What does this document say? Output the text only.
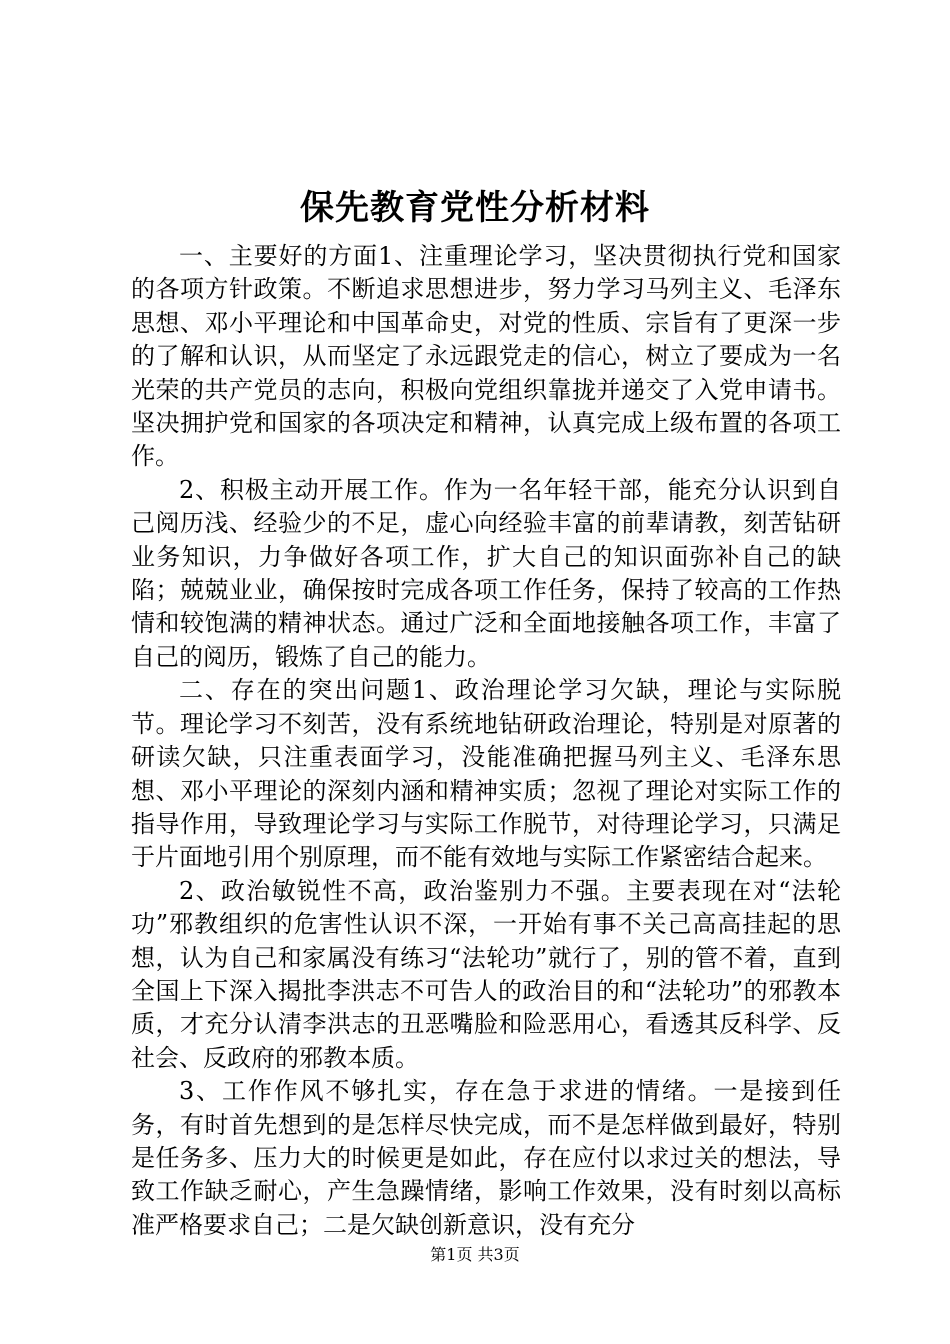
保先教育党性分析材料

一、主要好的方面1、注重理论学习，坚决贯彻执行党和国家的各项方针政策。不断追求思想进步，努力学习马列主义、毛泽东思想、邓小平理论和中国革命史，对党的性质、宗旨有了更深一步的了解和认识，从而坚定了永远跟党走的信心，树立了要成为一名光荣的共产党员的志向，积极向党组织靠拢并递交了入党申请书。坚决拥护党和国家的各项决定和精神，认真完成上级布置的各项工作。

2、积极主动开展工作。作为一名年轻干部，能充分认识到自己阅历浅、经验少的不足，虚心向经验丰富的前辈请教，刻苦钻研业务知识，力争做好各项工作，扩大自己的知识面弥补自己的缺陷；兢兢业业，确保按时完成各项工作任务，保持了较高的工作热情和较饱满的精神状态。通过广泛和全面地接触各项工作，丰富了自己的阅历，锻炼了自己的能力。

二、存在的突出问题1、政治理论学习欠缺，理论与实际脱节。理论学习不刻苦，没有系统地钻研政治理论，特别是对原著的研读欠缺，只注重表面学习，没能准确把握马列主义、毛泽东思想、邓小平理论的深刻内涵和精神实质；忽视了理论对实际工作的指导作用，导致理论学习与实际工作脱节，对待理论学习，只满足于片面地引用个别原理，而不能有效地与实际工作紧密结合起来。

2、政治敏锐性不高，政治鉴别力不强。主要表现在对“法轮功”邪教组织的危害性认识不深，一开始有事不关己高高挂起的思想，认为自己和家属没有练习“法轮功”就行了，别的管不着，直到全国上下深入揭批李洪志不可告人的政治目的和“法轮功”的邪教本质，才充分认清李洪志的丑恶嘴脸和险恶用心，看透其反科学、反社会、反政府的邪教本质。

3、工作作风不够扎实，存在急于求进的情绪。一是接到任务，有时首先想到的是怎样尽快完成，而不是怎样做到最好，特别是任务多、压力大的时候更是如此，存在应付以求过关的想法，导致工作缺乏耐心，产生急躁情绪，影响工作效果，没有时刻以高标准严格要求自己；二是欠缺创新意识，没有充分

第1页 共3页
